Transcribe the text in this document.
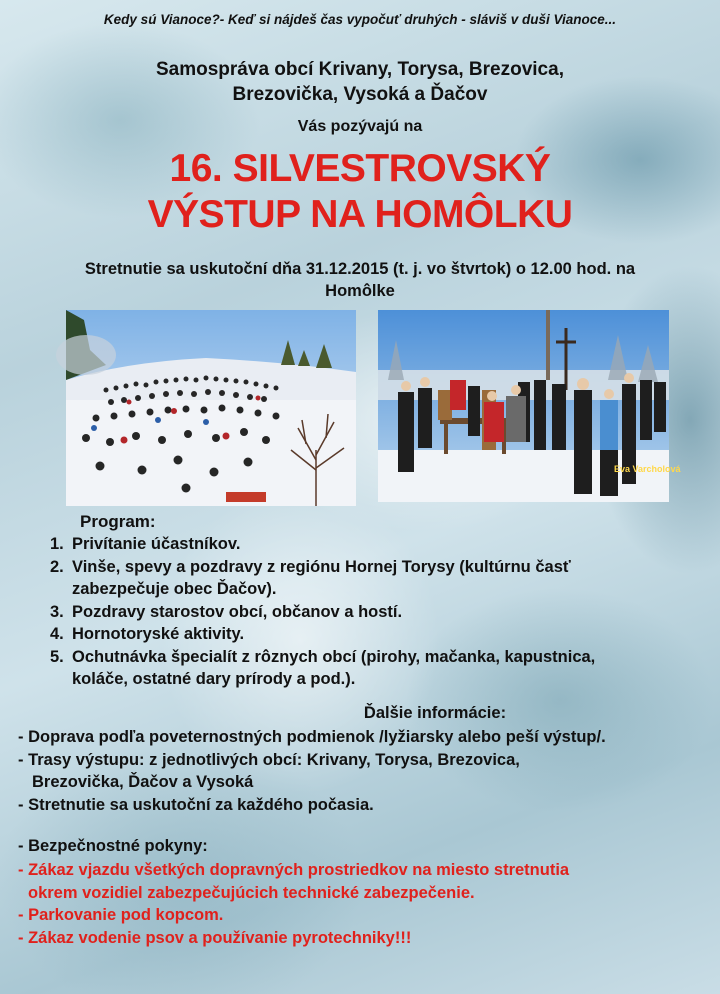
Kedy sú Vianoce?- Keď si nájdeš čas vypočuť druhých - sláviš v duši Vianoce...
Samospráva obcí Krivany, Torysa, Brezovica,
Brezovička, Vysoká a Ďačov
Vás pozývajú na
16. SILVESTROVSKÝ
VÝSTUP NA HOMÔLKU
Stretnutie sa uskutoční dňa 31.12.2015 (t. j. vo štvrtok) o 12.00 hod. na
Homôlke
Eva Varcholová
Program:
1. Privítanie účastníkov.
2. Vinše, spevy a pozdravy z regiónu Hornej Torysy (kultúrnu časť
zabezpečuje obec Ďačov).
3. Pozdravy starostov obcí, občanov a hostí.
4. Hornotoryské aktivity.
5. Ochutnávka špecialít z rôznych obcí (pirohy, mačanka, kapustnica,
koláče, ostatné dary prírody a pod.).
Ďalšie informácie:
- Doprava podľa poveternostných podmienok /lyžiarsky alebo peší výstup/.
- Trasy výstupu: z jednotlivých obcí: Krivany, Torysa, Brezovica,
Brezovička, Ďačov a Vysoká
- Stretnutie sa uskutoční za každého počasia.
- Bezpečnostné pokyny:
- Zákaz vjazdu všetkých dopravných prostriedkov na miesto stretnutia
okrem vozidiel zabezpečujúcich technické zabezpečenie.
- Parkovanie pod kopcom.
- Zákaz vodenie psov a používanie pyrotechniky!!!
